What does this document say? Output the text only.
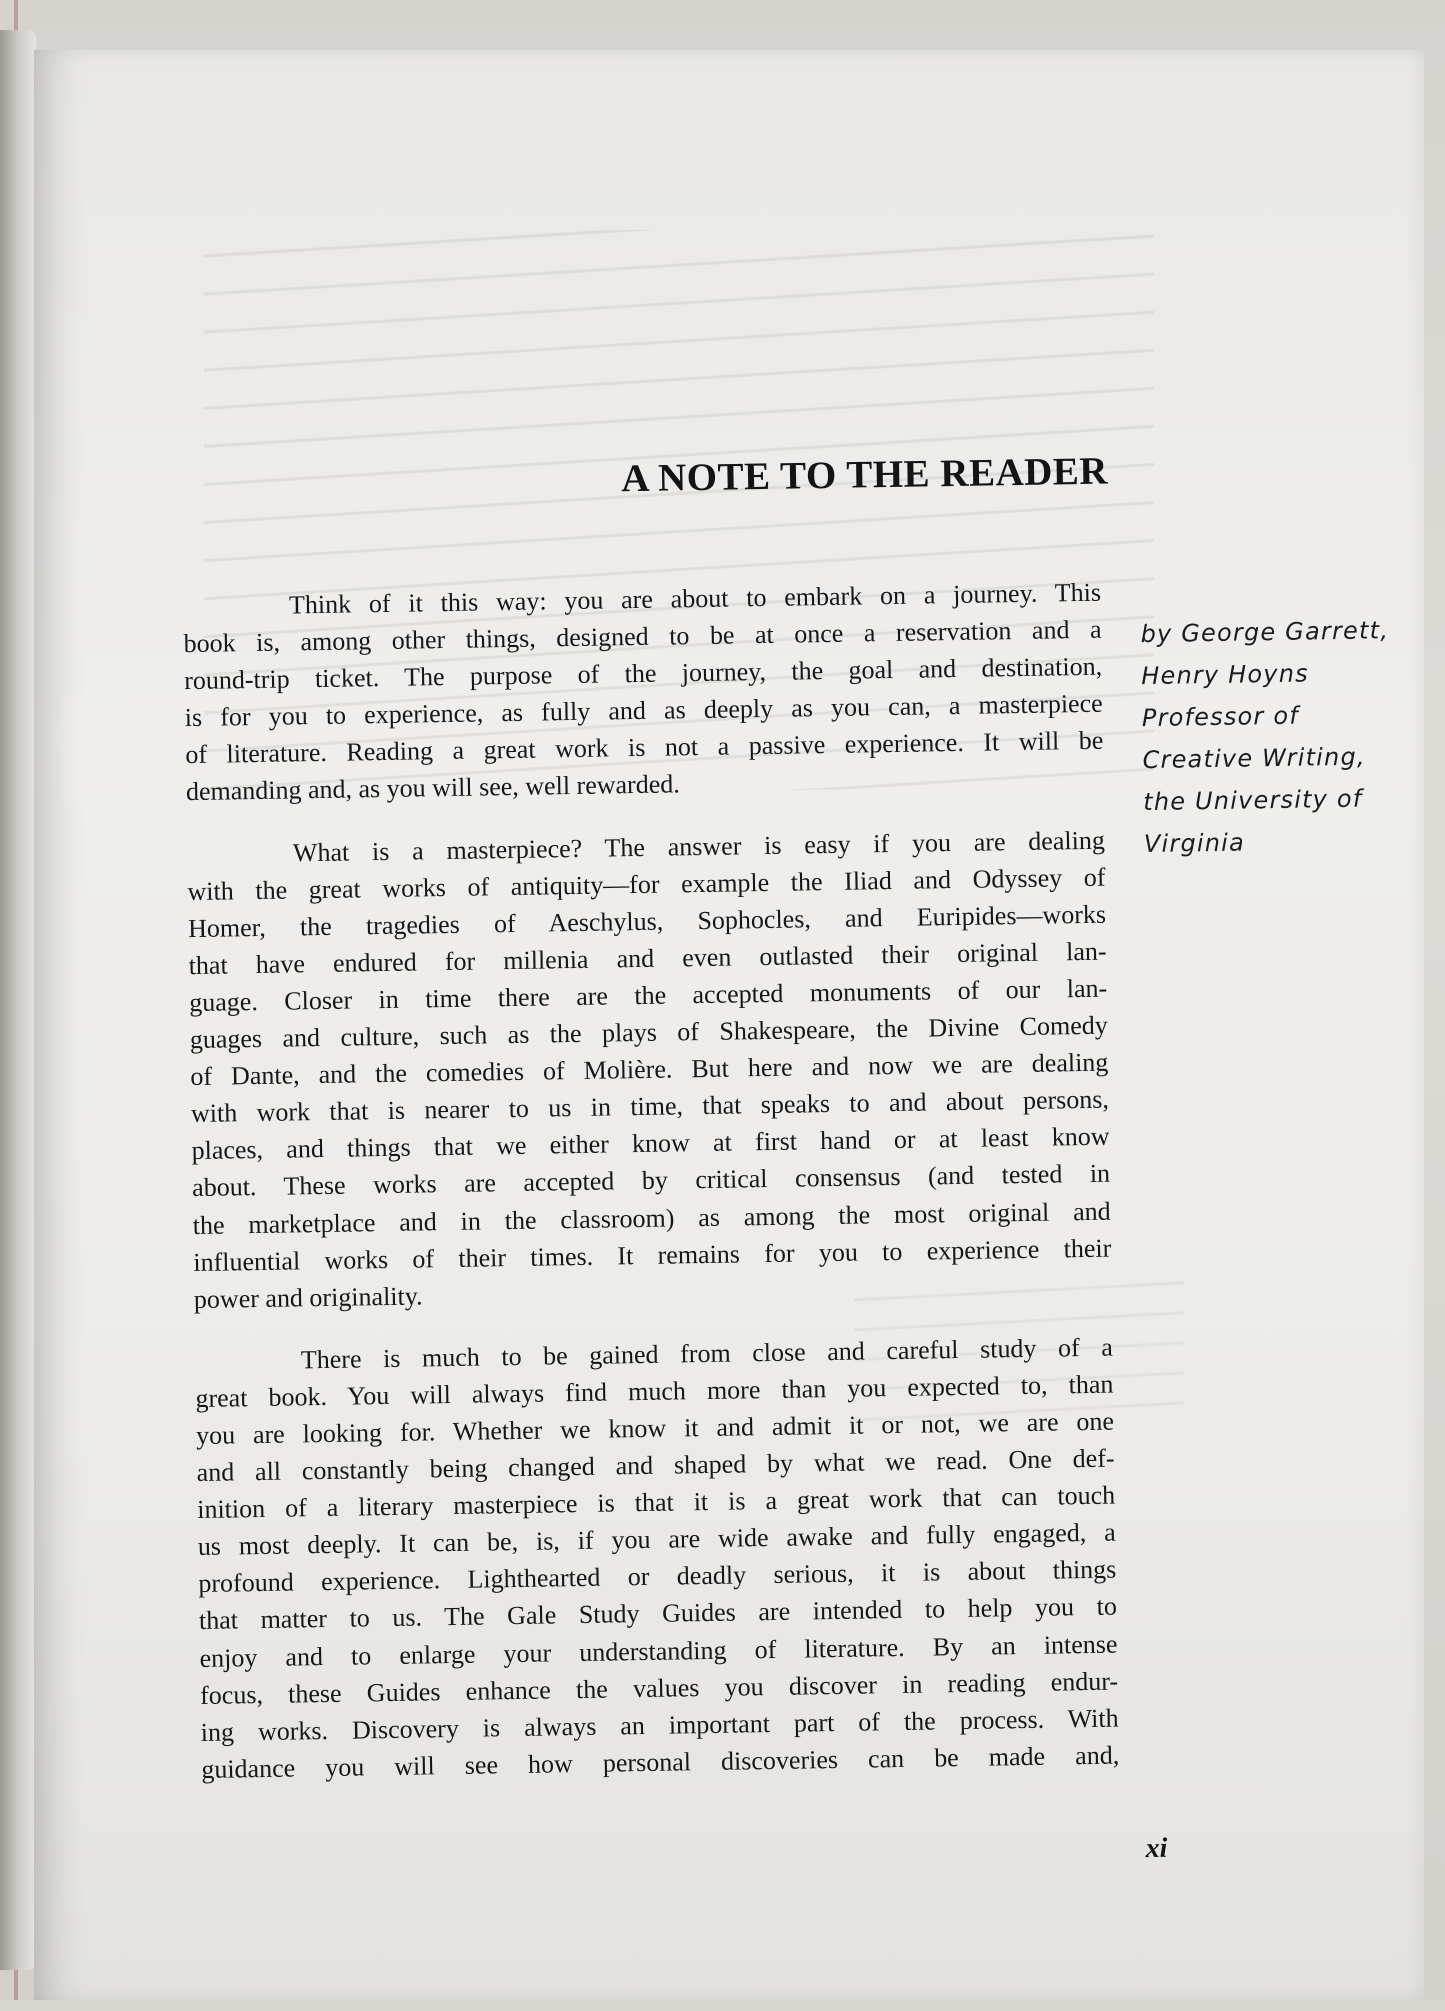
A NOTE TO THE READER
by George Garrett,
Henry Hoyns
Professor of
Creative Writing,
the University of
Virginia

Think of it this way: you are about to embark on a journey. This
book is, among other things, designed to be at once a reservation and a
round-trip ticket. The purpose of the journey, the goal and destination,
is for you to experience, as fully and as deeply as you can, a masterpiece
of literature. Reading a great work is not a passive experience. It will be
demanding and, as you will see, well rewarded.

What is a masterpiece? The answer is easy if you are dealing
with the great works of antiquity—for example the Iliad and Odyssey of
Homer, the tragedies of Aeschylus, Sophocles, and Euripides—works
that have endured for millenia and even outlasted their original lan-
guage. Closer in time there are the accepted monuments of our lan-
guages and culture, such as the plays of Shakespeare, the Divine Comedy
of Dante, and the comedies of Molière. But here and now we are dealing
with work that is nearer to us in time, that speaks to and about persons,
places, and things that we either know at first hand or at least know
about. These works are accepted by critical consensus (and tested in
the marketplace and in the classroom) as among the most original and
influential works of their times. It remains for you to experience their
power and originality.

There is much to be gained from close and careful study of a
great book. You will always find much more than you expected to, than
you are looking for. Whether we know it and admit it or not, we are one
and all constantly being changed and shaped by what we read. One def-
inition of a literary masterpiece is that it is a great work that can touch
us most deeply. It can be, is, if you are wide awake and fully engaged, a
profound experience. Lighthearted or deadly serious, it is about things
that matter to us. The Gale Study Guides are intended to help you to
enjoy and to enlarge your understanding of literature. By an intense
focus, these Guides enhance the values you discover in reading endur-
ing works. Discovery is always an important part of the process. With
guidance you will see how personal discoveries can be made and,

xi
